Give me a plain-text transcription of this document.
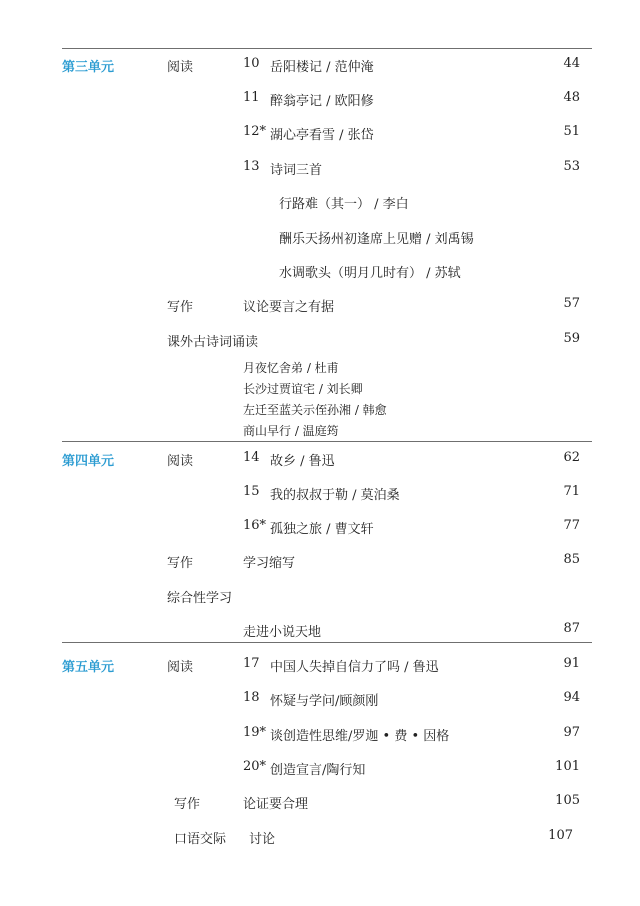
第三单元	阅读	10 岳阳楼记 / 范仲淹	44
11 醉翁亭记 / 欧阳修	48
12* 湖心亭看雪 / 张岱	51
13 诗词三首	53
行路难（其一） / 李白
酬乐天扬州初逢席上见赠 / 刘禹锡
水调歌头（明月几时有） / 苏轼
写作	议论要言之有据	57
课外古诗词诵读	59
月夜忆舍弟 / 杜甫
长沙过贾谊宅 / 刘长卿
左迁至蓝关示侄孙湘 / 韩愈
商山早行 / 温庭筠
第四单元	阅读	14 故乡 / 鲁迅	62
15 我的叔叔于勒 / 莫泊桑	71
16* 孤独之旅 / 曹文轩	77
写作	学习缩写	85
综合性学习
走进小说天地	87
第五单元	阅读	17 中国人失掉自信力了吗 / 鲁迅	91
18 怀疑与学问/顾颜刚	94
19* 谈创造性思维/罗迦 • 费 • 因格	97
20* 创造宣言/陶行知	101
写作	论证要合理	105
口语交际 讨论	107
